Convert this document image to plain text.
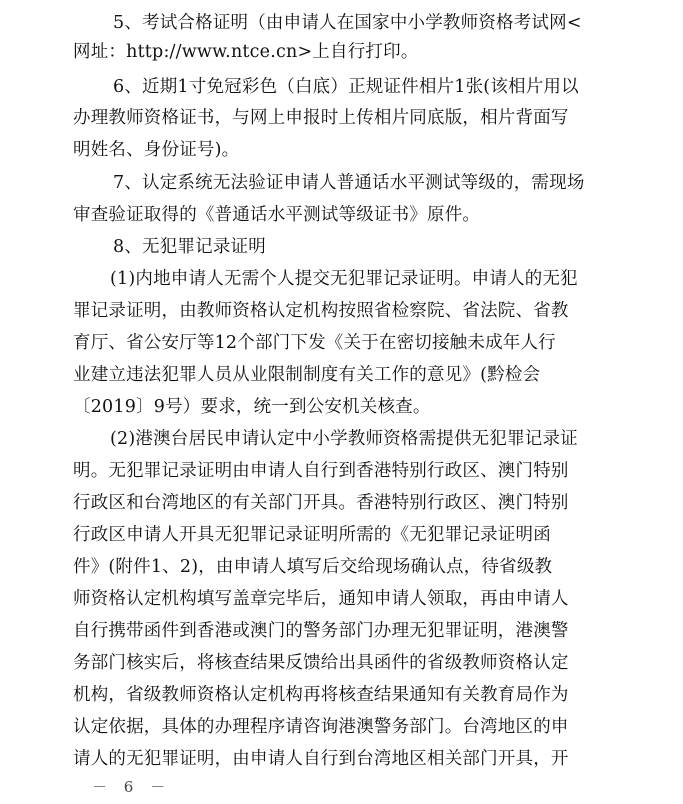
5、考试合格证明（由申请人在国家中小学教师资格考试网<
网址：http://www.ntce.cn>上自行打印。
6、近期1寸免冠彩色（白底）正规证件相片1张(该相片用以
办理教师资格证书，与网上申报时上传相片同底版，相片背面写
明姓名、身份证号)。
7、认定系统无法验证申请人普通话水平测试等级的，需现场
审查验证取得的《普通话水平测试等级证书》原件。
8、无犯罪记录证明
(1)内地申请人无需个人提交无犯罪记录证明。申请人的无犯
罪记录证明，由教师资格认定机构按照省检察院、省法院、省教
育厅、省公安厅等12个部门下发《关于在密切接触未成年人行
业建立违法犯罪人员从业限制制度有关工作的意见》(黔检会
〔2019〕9号）要求，统一到公安机关核查。
(2)港澳台居民申请认定中小学教师资格需提供无犯罪记录证
明。无犯罪记录证明由申请人自行到香港特别行政区、澳门特别
行政区和台湾地区的有关部门开具。香港特别行政区、澳门特别
行政区申请人开具无犯罪记录证明所需的《无犯罪记录证明函
件》(附件1、2)，由申请人填写后交给现场确认点，待省级教
师资格认定机构填写盖章完毕后，通知申请人领取，再由申请人
自行携带函件到香港或澳门的警务部门办理无犯罪证明，港澳警
务部门核实后，将核查结果反馈给出具函件的省级教师资格认定
机构，省级教师资格认定机构再将核查结果通知有关教育局作为
认定依据，具体的办理程序请咨询港澳警务部门。台湾地区的申
请人的无犯罪证明，由申请人自行到台湾地区相关部门开具，开
－ 6 －
